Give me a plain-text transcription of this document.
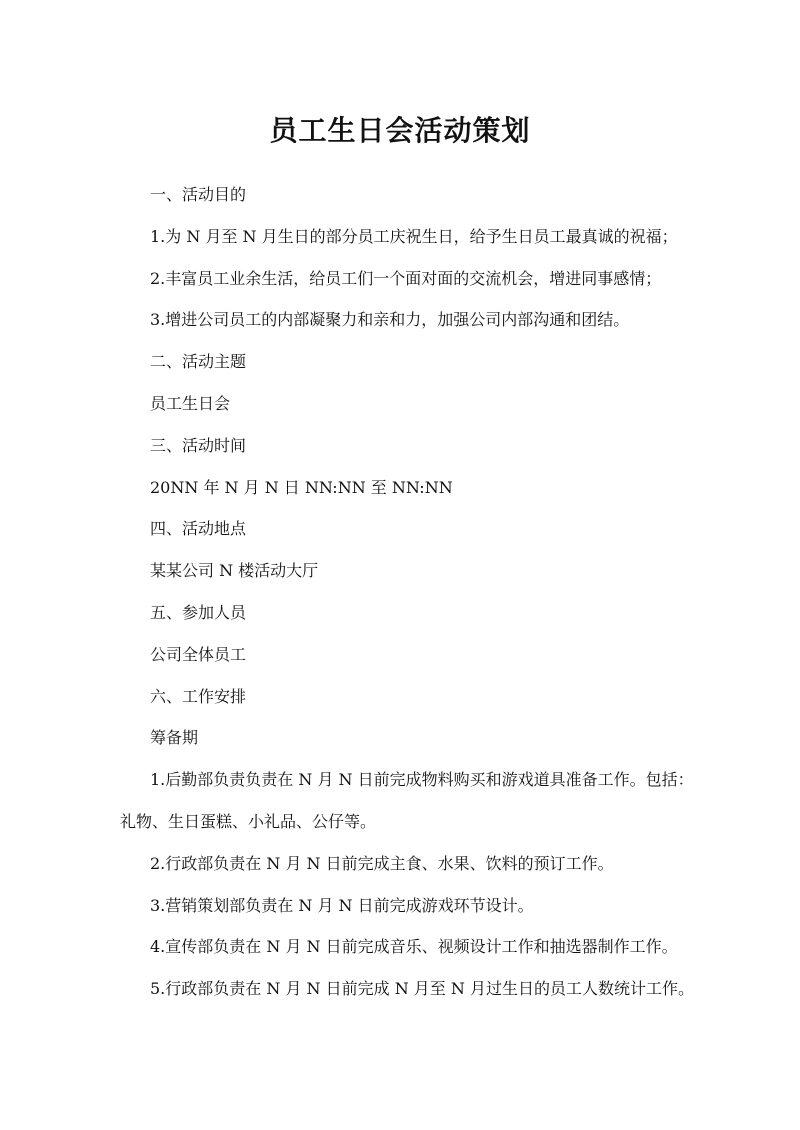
员工生日会活动策划
一、活动目的
1.为 N 月至 N 月生日的部分员工庆祝生日，给予生日员工最真诚的祝福；
2.丰富员工业余生活，给员工们一个面对面的交流机会，增进同事感情；
3.增进公司员工的内部凝聚力和亲和力，加强公司内部沟通和团结。
二、活动主题
员工生日会
三、活动时间
20NN 年 N 月 N 日 NN:NN 至 NN:NN
四、活动地点
某某公司 N 楼活动大厅
五、参加人员
公司全体员工
六、工作安排
筹备期
1.后勤部负责负责在 N 月 N 日前完成物料购买和游戏道具准备工作。包括：
礼物、生日蛋糕、小礼品、公仔等。
2.行政部负责在 N 月 N 日前完成主食、水果、饮料的预订工作。
3.营销策划部负责在 N 月 N 日前完成游戏环节设计。
4.宣传部负责在 N 月 N 日前完成音乐、视频设计工作和抽选器制作工作。
5.行政部负责在 N 月 N 日前完成 N 月至 N 月过生日的员工人数统计工作。
